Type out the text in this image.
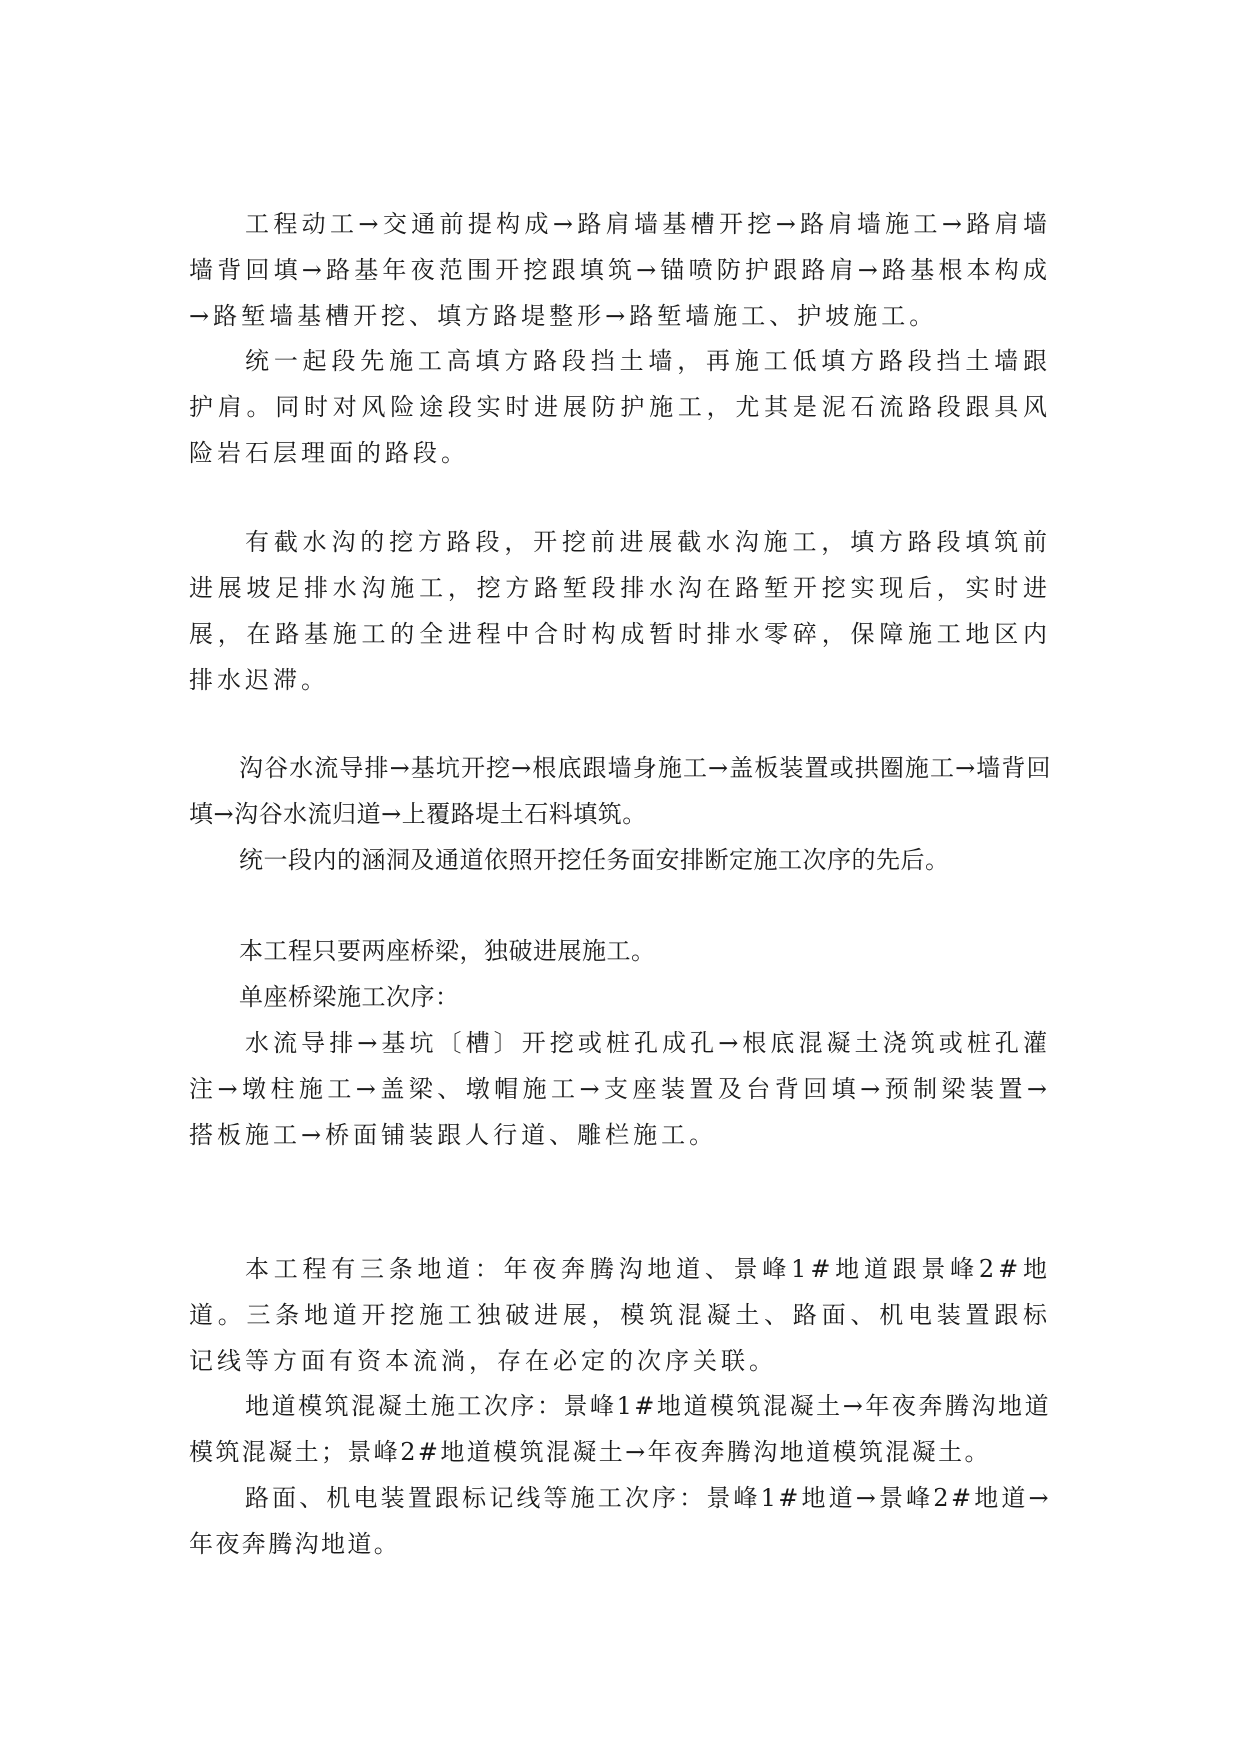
工程动工→交通前提构成→路肩墙基槽开挖→路肩墙施工→路肩墙墙背回填→路基年夜范围开挖跟填筑→锚喷防护跟路肩→路基根本构成→路堑墙基槽开挖、填方路堤整形→路堑墙施工、护坡施工。

统一起段先施工高填方路段挡土墙，再施工低填方路段挡土墙跟护肩。同时对风险途段实时进展防护施工，尤其是泥石流路段跟具风险岩石层理面的路段。

有截水沟的挖方路段，开挖前进展截水沟施工，填方路段填筑前进展坡足排水沟施工，挖方路堑段排水沟在路堑开挖实现后，实时进展，在路基施工的全进程中合时构成暂时排水零碎，保障施工地区内排水迟滞。

沟谷水流导排→基坑开挖→根底跟墙身施工→盖板装置或拱圈施工→墙背回填→沟谷水流归道→上覆路堤土石料填筑。

统一段内的涵洞及通道依照开挖任务面安排断定施工次序的先后。

本工程只要两座桥梁，独破进展施工。

单座桥梁施工次序：

水流导排→基坑〔槽〕开挖或桩孔成孔→根底混凝土浇筑或桩孔灌注→墩柱施工→盖梁、墩帽施工→支座装置及台背回填→预制梁装置→搭板施工→桥面铺装跟人行道、雕栏施工。

本工程有三条地道：年夜奔腾沟地道、景峰1#地道跟景峰2#地道。三条地道开挖施工独破进展，模筑混凝土、路面、机电装置跟标记线等方面有资本流淌，存在必定的次序关联。

地道模筑混凝土施工次序：景峰1#地道模筑混凝土→年夜奔腾沟地道模筑混凝土；景峰2#地道模筑混凝土→年夜奔腾沟地道模筑混凝土。

路面、机电装置跟标记线等施工次序：景峰1#地道→景峰2#地道→年夜奔腾沟地道。
